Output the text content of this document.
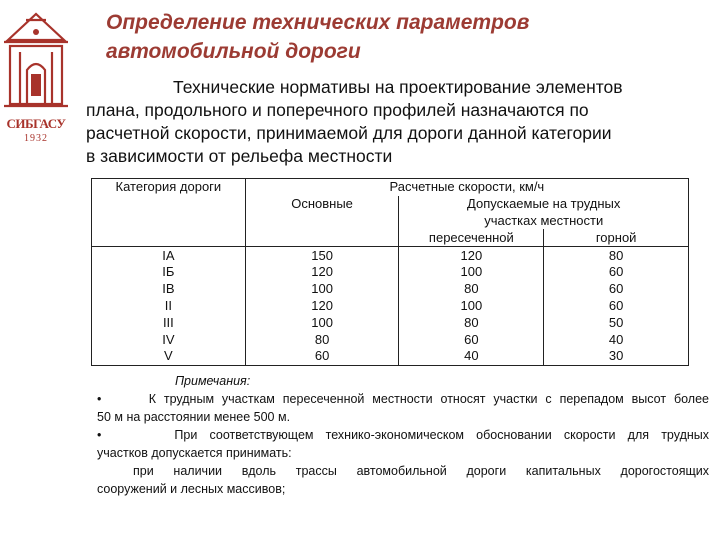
СИБГАСУ
1932
Определение технических параметров
автомобильной дороги
Технические нормативы на проектирование элементов
плана, продольного и поперечного профилей назначаются по
расчетной скорости, принимаемой для дороги данной категории
в зависимости от рельефа местности
Категория дороги	Расчетные скорости, км/ч		
	Основные	Допускаемые на трудных	
		участках местности	
		пересеченной	горной
IA	150	120	80
IБ	120	100	60
IB	100	80	60
II	120	100	60
III	100	80	50
IV	80	60	40
V	60	40	30
Примечания:
•	К трудным участкам пересеченной местности относят участки с перепадом высот более
50 м на расстоянии менее 500 м.
•	При соответствующем технико-экономическом обосновании скорости для трудных
участков допускается принимать:
при наличии вдоль трассы автомобильной дороги капитальных дорогостоящих
сооружений и лесных массивов;
